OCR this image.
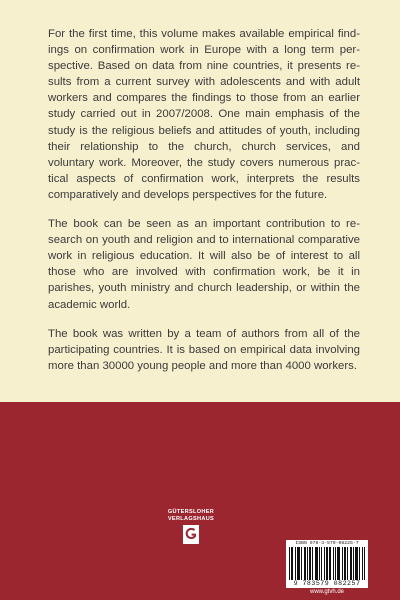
For the first time, this volume makes available empirical findings on confirmation work in Europe with a long term perspective. Based on data from nine countries, it presents results from a current survey with adolescents and with adult workers and compares the findings to those from an earlier study carried out in 2007/2008. One main emphasis of the study is the religious beliefs and attitudes of youth, including their relationship to the church, church services, and voluntary work. Moreover, the study covers numerous practical aspects of confirmation work, interprets the results comparatively and develops perspectives for the future.

The book can be seen as an important contribution to research on youth and religion and to international comparative work in religious education. It will also be of interest to all those who are involved with confirmation work, be it in parishes, youth ministry and church leadership, or within the academic world.

The book was written by a team of authors from all of the participating countries. It is based on empirical data involving more than 30000 young people and more than 4000 workers.

GÜTERSLOHER
VERLAGSHAUS
ISBN 978-3-579-08225-7
9 783579 082257
www.gtvh.de
